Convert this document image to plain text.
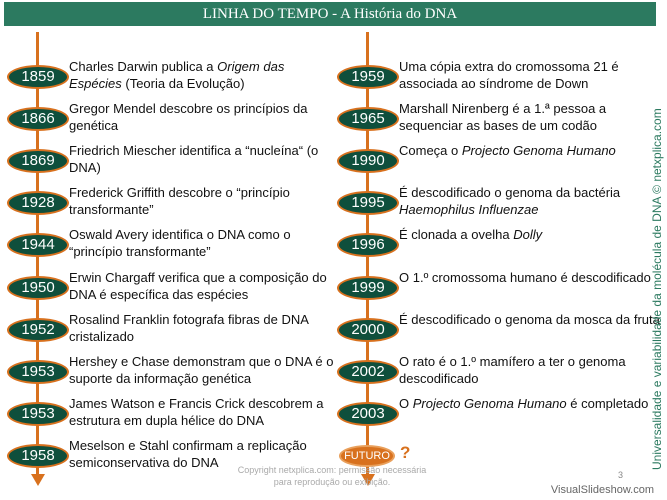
LINHA DO TEMPO - A História do DNA
1859
Charles Darwin publica a Origem das Espécies (Teoria da Evolução)
1866
Gregor Mendel descobre os princípios da genética
1869
Friedrich Miescher identifica a “nucleína“ (o DNA)
1928
Frederick Griffith descobre o “princípio transformante”
1944
Oswald Avery identifica o DNA como o “princípio transformante”
1950
Erwin Chargaff verifica que a composição do DNA é específica das espécies
1952
Rosalind Franklin fotografa fibras de DNA cristalizado
1953
Hershey e Chase demonstram que o DNA é o suporte da informação genética
1953
James Watson e Francis Crick descobrem a estrutura em dupla hélice do DNA
1958
Meselson e Stahl confirmam a replicação semiconservativa do DNA
1959
Uma cópia extra do cromossoma 21 é associada ao síndrome de Down
1965
Marshall Nirenberg é a 1.ª pessoa a sequenciar as bases de um codão
1990
Começa o Projecto Genoma Humano
1995
É descodificado o genoma da bactéria Haemophilus Influenzae
1996
É clonada a ovelha Dolly
1999
O 1.º cromossoma humano é descodificado
2000
É descodificado o genoma da mosca da fruta
2002
O rato é o 1.º mamífero a ter o genoma descodificado
2003
O Projecto Genoma Humano é completado
FUTURO ?	Universalidade e variabilidade da molécula de DNA © netxplica.com
Copyright netxplica.com: permissão necessária para reprodução ou exibição.
3
VisualSlideshow.com
